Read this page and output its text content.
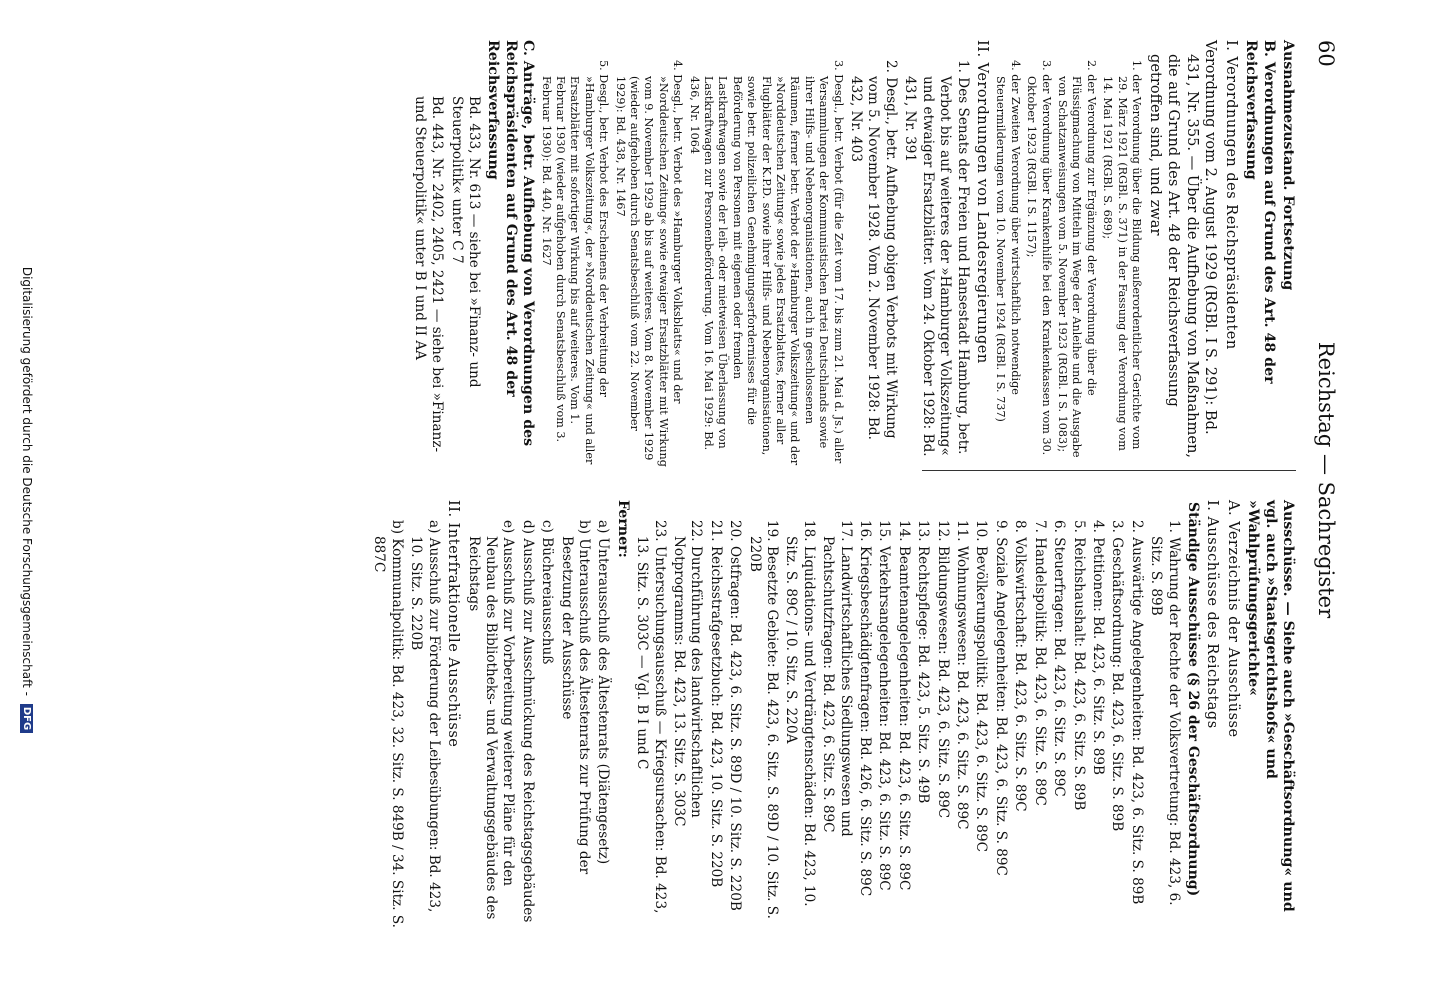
60
Reichstag — Sachregister

Ausnahmezustand. Fortsetzung

B. Verordnungen auf Grund des Art. 48 der Reichsverfassung

I. Verordnungen des Reichspräsidenten

Verordnung vom 2. August 1929 (RGBl. I S. 291): Bd. 431, Nr. 355. — Über die Aufhebung von Maßnahmen, die auf Grund des Art. 48 der Reichsverfassung getroffen sind, und zwar

1. der Verordnung über die Bildung außerordentlicher Gerichte vom 29. März 1921 (RGBl. S. 371) in der Fassung der Verordnung vom 14. Mai 1921 (RGBl. S. 689);

2. der Verordnung zur Ergänzung der Verordnung über die Flüssigmachung von Mitteln im Wege der Anleihe und die Ausgabe von Schatzanweisungen vom 5. November 1923 (RGBl. I S. 1083);

3. der Verordnung über Krankenhilfe bei den Krankenkassen vom 30. Oktober 1923 (RGBl. I S. 1157);

4. der Zweiten Verordnung über wirtschaftlich notwendige Steuermilderungen vom 10. November 1924 (RGBl. I S. 737)

II. Verordnungen von Landesregierungen

1. Des Senats der Freien und Hansestadt Hamburg, betr. Verbot bis auf weiteres der »Hamburger Volkszeitung« und etwaiger Ersatzblätter. Vom 24. Oktober 1928: Bd. 431, Nr. 391

2. Desgl., betr. Aufhebung obigen Verbots mit Wirkung vom 5. November 1928. Vom 2. November 1928: Bd. 432, Nr. 403

3. Desgl., betr. Verbot (für die Zeit vom 17. bis zum 21. Mai d. Js.) aller Versammlungen der Kommunistischen Partei Deutschlands sowie ihrer Hilfs- und Nebenorganisationen, auch in geschlossenen Räumen, ferner betr. Verbot der »Hamburger Volkszeitung« und der »Norddeutschen Zeitung« sowie jedes Ersatzblattes, ferner aller Flugblätter der K.P.D. sowie ihrer Hilfs- und Nebenorganisationen, sowie betr. polizeilichen Genehmigungserfordernisses für die Beförderung von Personen mit eigenen oder fremden Lastkraftwagen sowie der leih- oder mietweisen Überlassung von Lastkraftwagen zur Personenbeförderung. Vom 16. Mai 1929: Bd. 436, Nr. 1064

4. Desgl., betr. Verbot des »Hamburger Volksblatts« und der »Norddeutschen Zeitung« sowie etwaiger Ersatzblätter mit Wirkung vom 9. November 1929 ab bis auf weiteres. Vom 8. November 1929 (wieder aufgehoben durch Senatsbeschluß vom 22. November 1929): Bd. 438, Nr. 1467

5. Desgl., betr. Verbot des Erscheinens der Verbreitung der »Hamburger Volkszeitung«, der »Norddeutschen Zeitung« und aller Ersatzblätter mit sofortiger Wirkung bis auf weiteres. Vom 1. Februar 1930 (wieder aufgehoben durch Senatsbeschluß vom 3. Februar 1930): Bd. 440, Nr. 1627

C. Anträge, betr. Aufhebung von Verordnungen des Reichspräsidenten auf Grund des Art. 48 der Reichsverfassung

Bd. 433, Nr. 613 — siehe bei »Finanz- und Steuerpolitik« unter C 7

Bd. 443, Nr. 2402, 2405, 2421 — siehe bei »Finanz- und Steuerpolitik« unter B I und II AA

Ausschüsse. — Siehe auch »Geschäftsordnung« und vgl. auch »Staatsgerichtshofs« und »Wahlprüfungsgerichte«

A. Verzeichnis der Ausschüsse

I. Ausschüsse des Reichstags

Ständige Ausschüsse (§ 26 der Geschäftsordnung)

1. Wahrung der Rechte der Volksvertretung: Bd. 423, 6. Sitz. S. 89B

2. Auswärtige Angelegenheiten: Bd. 423, 6. Sitz. S. 89B

3. Geschäftsordnung: Bd. 423, 6. Sitz. S. 89B

4. Petitionen: Bd. 423, 6. Sitz. S. 89B

5. Reichshaushalt: Bd. 423, 6. Sitz. S. 89B

6. Steuerfragen: Bd. 423, 6. Sitz. S. 89C

7. Handelspolitik: Bd. 423, 6. Sitz. S. 89C

8. Volkswirtschaft: Bd. 423, 6. Sitz. S. 89C

9. Soziale Angelegenheiten: Bd. 423, 6. Sitz. S. 89C

10. Bevölkerungspolitik: Bd. 423, 6. Sitz. S. 89C

11. Wohnungswesen: Bd. 423, 6. Sitz. S. 89C

12. Bildungswesen: Bd. 423, 6. Sitz. S. 89C

13. Rechtspflege: Bd. 423, 5. Sitz. S. 49B

14. Beamtenangelegenheiten: Bd. 423, 6. Sitz. S. 89C

15. Verkehrsangelegenheiten: Bd. 423, 6. Sitz. S. 89C

16. Kriegsbeschädigtenfragen: Bd. 426, 6. Sitz. S. 89C

17. Landwirtschaftliches Siedlungswesen und Pachtschutzfragen: Bd. 423, 6. Sitz. S. 89C

18. Liquidations- und Verdrängtenschäden: Bd. 423, 10. Sitz. S. 89C / 10. Sitz. S. 220A

19. Besetzte Gebiete: Bd. 423, 6. Sitz. S. 89D / 10. Sitz. S. 220B

20. Ostfragen: Bd. 423, 6. Sitz. S. 89D / 10. Sitz. S. 220B

21. Reichsstrafgesetzbuch: Bd. 423, 10. Sitz. S. 220B

22. Durchführung des landwirtschaftlichen Notprogramms: Bd. 423, 13. Sitz. S. 303C

23. Untersuchungsausschuß — Kriegsursachen: Bd. 423, 13. Sitz. S. 303C — Vgl. B I und C

Ferner:

a) Unterausschuß des Ältestenrats (Diätengesetz)

b) Unterausschuß des Ältestenrats zur Prüfung der Besetzung der Ausschüsse

c) Büchereiausschuß

d) Ausschuß zur Ausschmückung des Reichstagsgebäudes

e) Ausschuß zur Vorbereitung weiterer Pläne für den Neubau des Bibliotheks- und Verwaltungsgebäudes des Reichstags

II. Interfraktionelle Ausschüsse

a) Ausschuß zur Förderung der Leibesübungen: Bd. 423, 10. Sitz. S. 220B

b) Kommunalpolitik: Bd. 423, 32. Sitz. S. 849B / 34. Sitz. S. 887C

Digitalisierung gefördert durch die Deutsche Forschungsgemeinschaft - DFG
